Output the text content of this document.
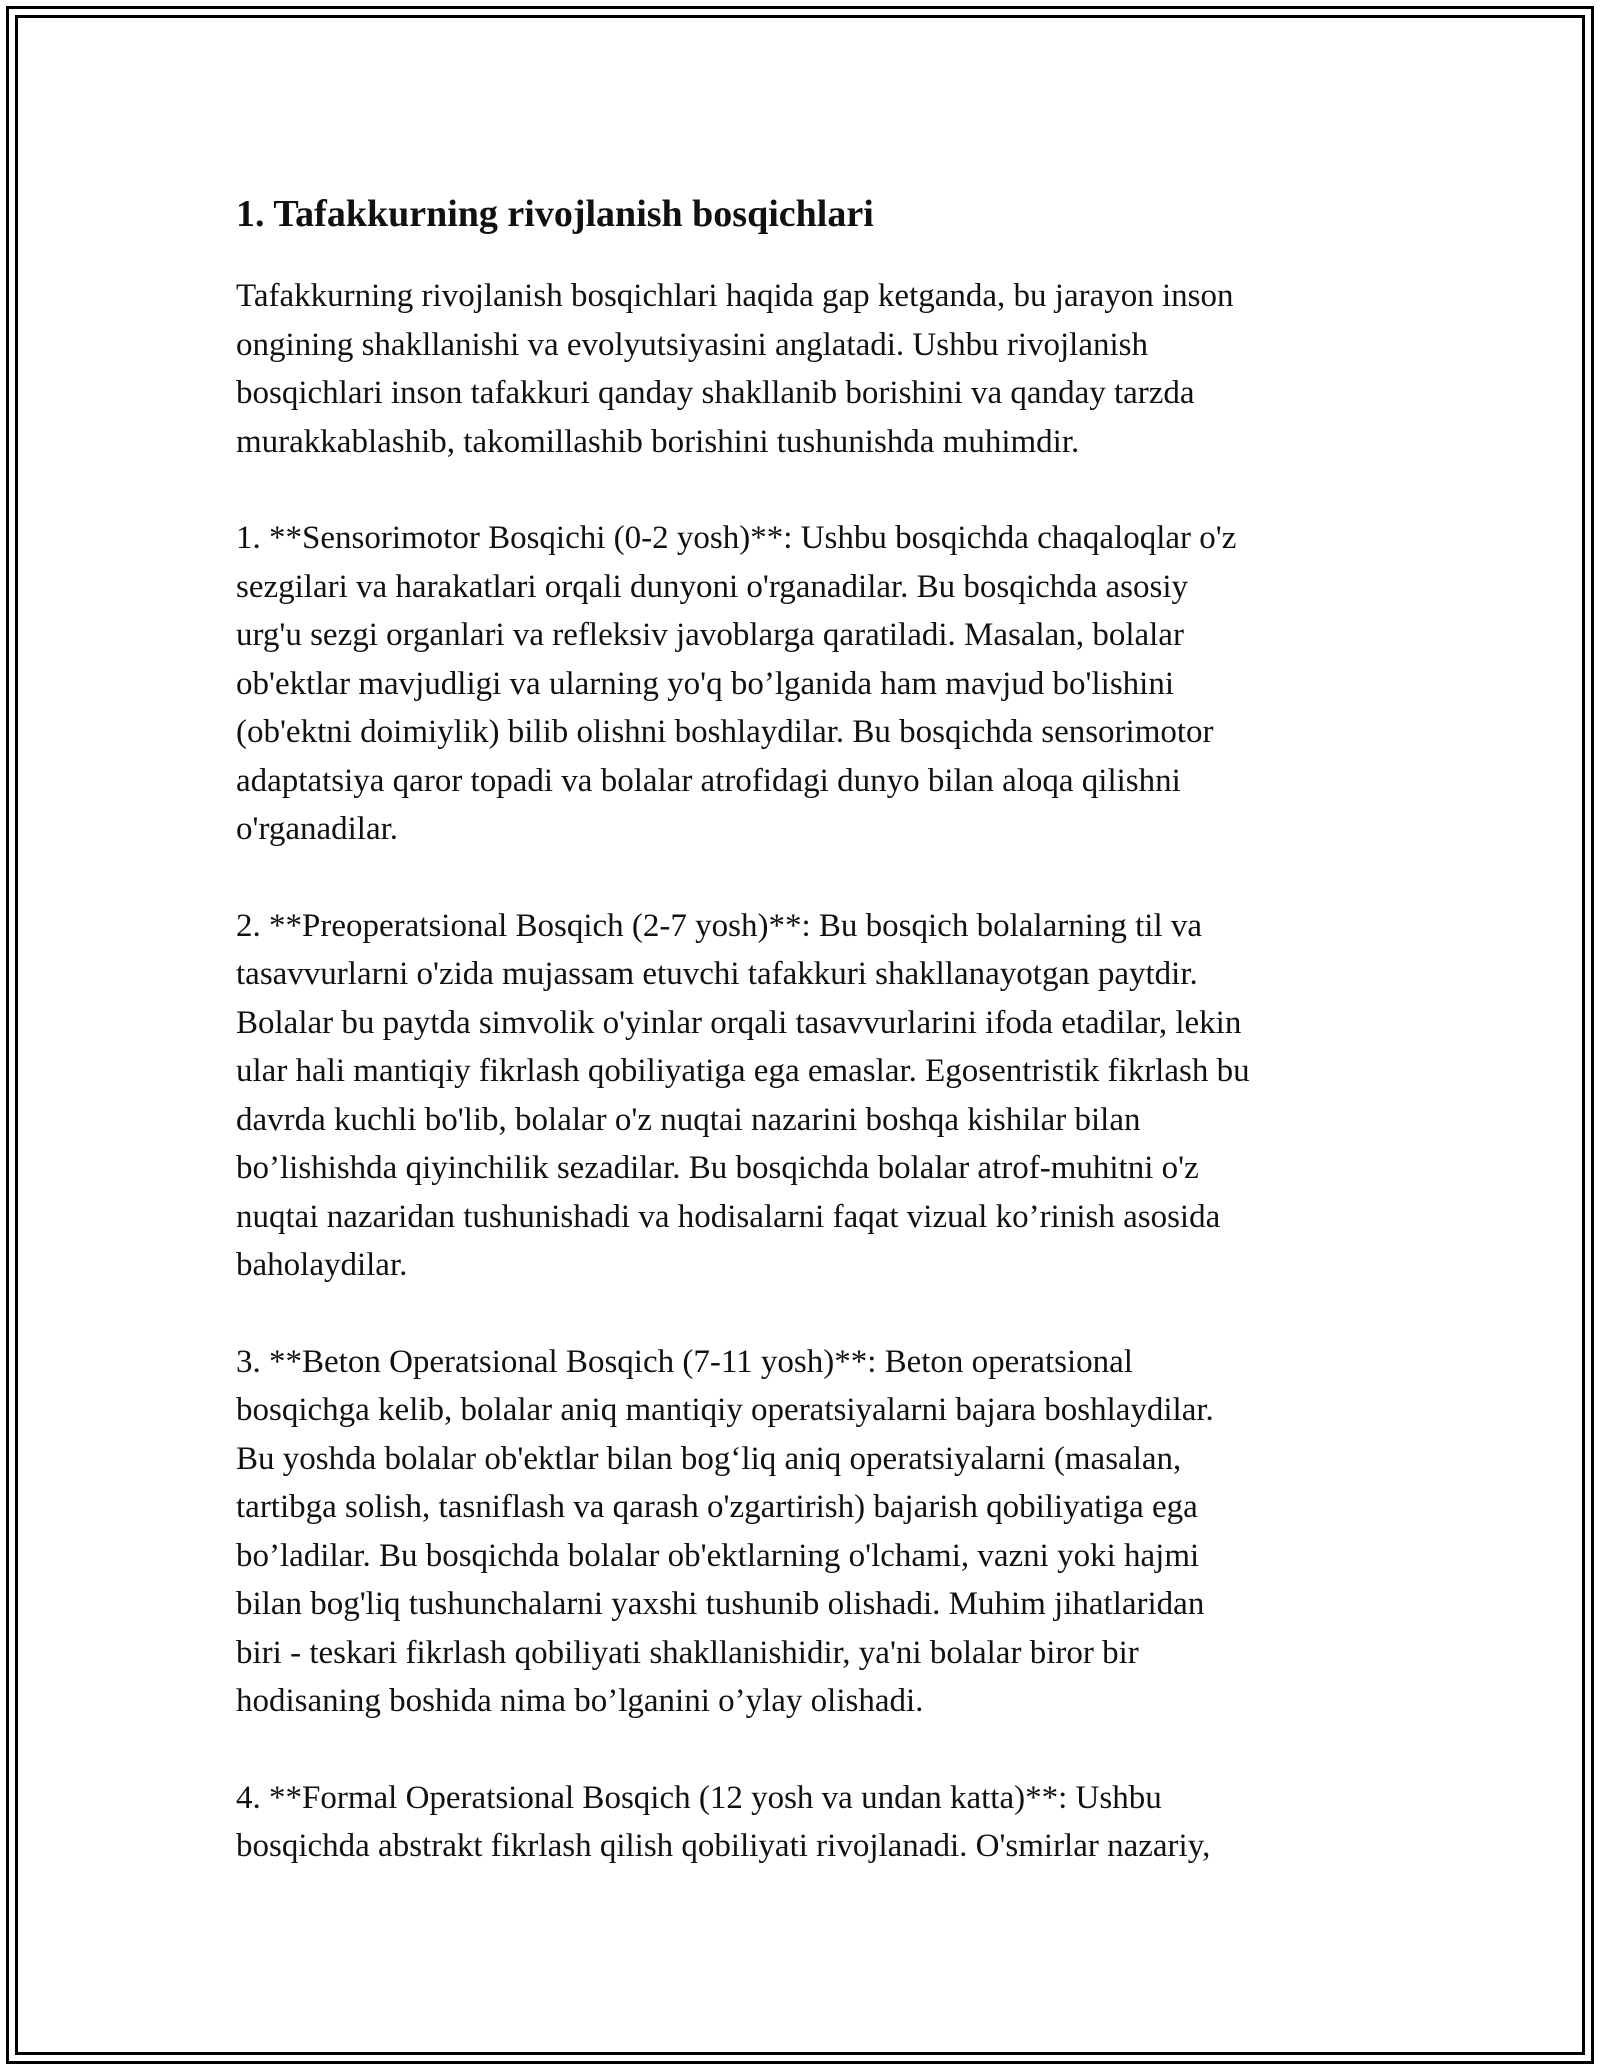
1. Tafakkurning rivojlanish bosqichlari

Tafakkurning rivojlanish bosqichlari haqida gap ketganda, bu jarayon inson
ongining shakllanishi va evolyutsiyasini anglatadi. Ushbu rivojlanish
bosqichlari inson tafakkuri qanday shakllanib borishini va qanday tarzda
murakkablashib, takomillashib borishini tushunishda muhimdir.

1. **Sensorimotor Bosqichi (0-2 yosh)**: Ushbu bosqichda chaqaloqlar o'z
sezgilari va harakatlari orqali dunyoni o'rganadilar. Bu bosqichda asosiy
urg'u sezgi organlari va refleksiv javoblarga qaratiladi. Masalan, bolalar
ob'ektlar mavjudligi va ularning yo'q bo’lganida ham mavjud bo'lishini
(ob'ektni doimiylik) bilib olishni boshlaydilar. Bu bosqichda sensorimotor
adaptatsiya qaror topadi va bolalar atrofidagi dunyo bilan aloqa qilishni
o'rganadilar.

2. **Preoperatsional Bosqich (2-7 yosh)**: Bu bosqich bolalarning til va
tasavvurlarni o'zida mujassam etuvchi tafakkuri shakllanayotgan paytdir.
Bolalar bu paytda simvolik o'yinlar orqali tasavvurlarini ifoda etadilar, lekin
ular hali mantiqiy fikrlash qobiliyatiga ega emaslar. Egosentristik fikrlash bu
davrda kuchli bo'lib, bolalar o'z nuqtai nazarini boshqa kishilar bilan
bo’lishishda qiyinchilik sezadilar. Bu bosqichda bolalar atrof-muhitni o'z
nuqtai nazaridan tushunishadi va hodisalarni faqat vizual ko’rinish asosida
baholaydilar.

3. **Beton Operatsional Bosqich (7-11 yosh)**: Beton operatsional
bosqichga kelib, bolalar aniq mantiqiy operatsiyalarni bajara boshlaydilar.
Bu yoshda bolalar ob'ektlar bilan bog‘liq aniq operatsiyalarni (masalan,
tartibga solish, tasniflash va qarash o'zgartirish) bajarish qobiliyatiga ega
bo’ladilar. Bu bosqichda bolalar ob'ektlarning o'lchami, vazni yoki hajmi
bilan bog'liq tushunchalarni yaxshi tushunib olishadi. Muhim jihatlaridan
biri - teskari fikrlash qobiliyati shakllanishidir, ya'ni bolalar biror bir
hodisaning boshida nima bo’lganini o’ylay olishadi.

4. **Formal Operatsional Bosqich (12 yosh va undan katta)**: Ushbu
bosqichda abstrakt fikrlash qilish qobiliyati rivojlanadi. O'smirlar nazariy,
